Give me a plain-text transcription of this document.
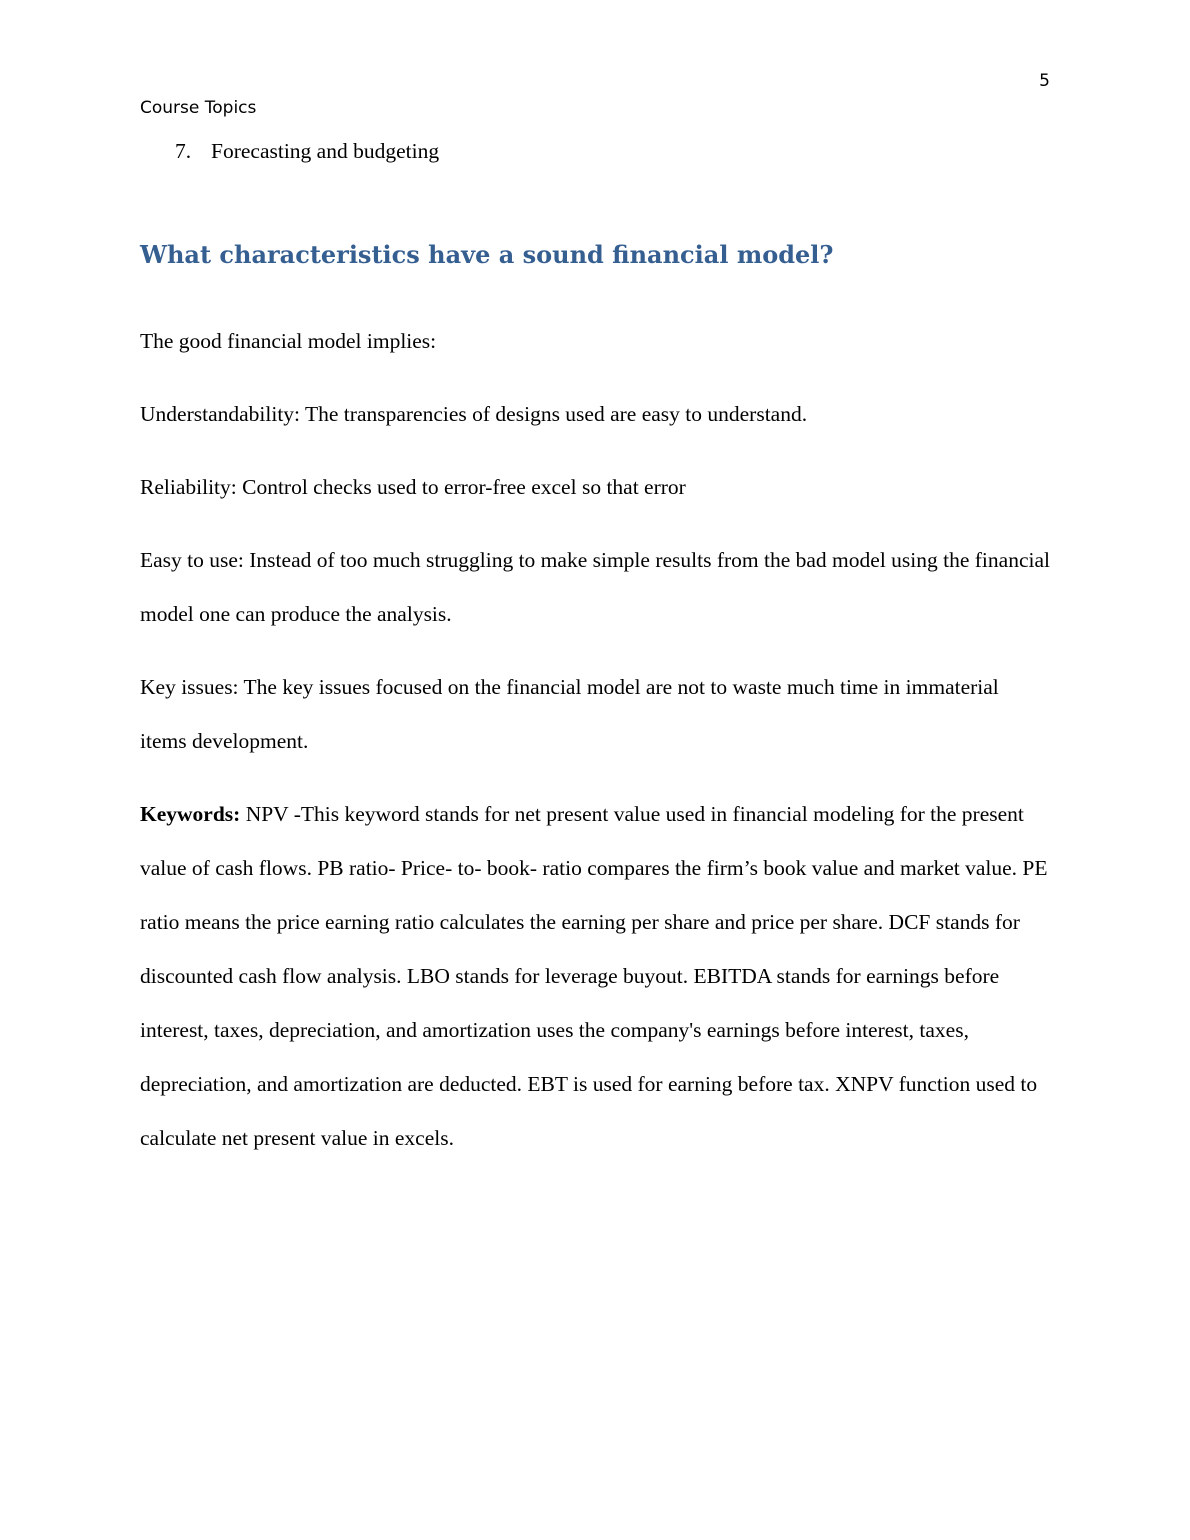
5
Course Topics
7. Forecasting and budgeting
What characteristics have a sound financial model?

The good financial model implies:

Understandability: The transparencies of designs used are easy to understand.

Reliability: Control checks used to error-free excel so that error

Easy to use: Instead of too much struggling to make simple results from the bad model using the financial model one can produce the analysis.

Key issues: The key issues focused on the financial model are not to waste much time in immaterial items development.

Keywords: NPV -This keyword stands for net present value used in financial modeling for the present value of cash flows. PB ratio- Price- to- book- ratio compares the firm’s book value and market value. PE ratio means the price earning ratio calculates the earning per share and price per share. DCF stands for discounted cash flow analysis. LBO stands for leverage buyout. EBITDA stands for earnings before interest, taxes, depreciation, and amortization uses the company's earnings before interest, taxes, depreciation, and amortization are deducted. EBT is used for earning before tax. XNPV function used to calculate net present value in excels.
